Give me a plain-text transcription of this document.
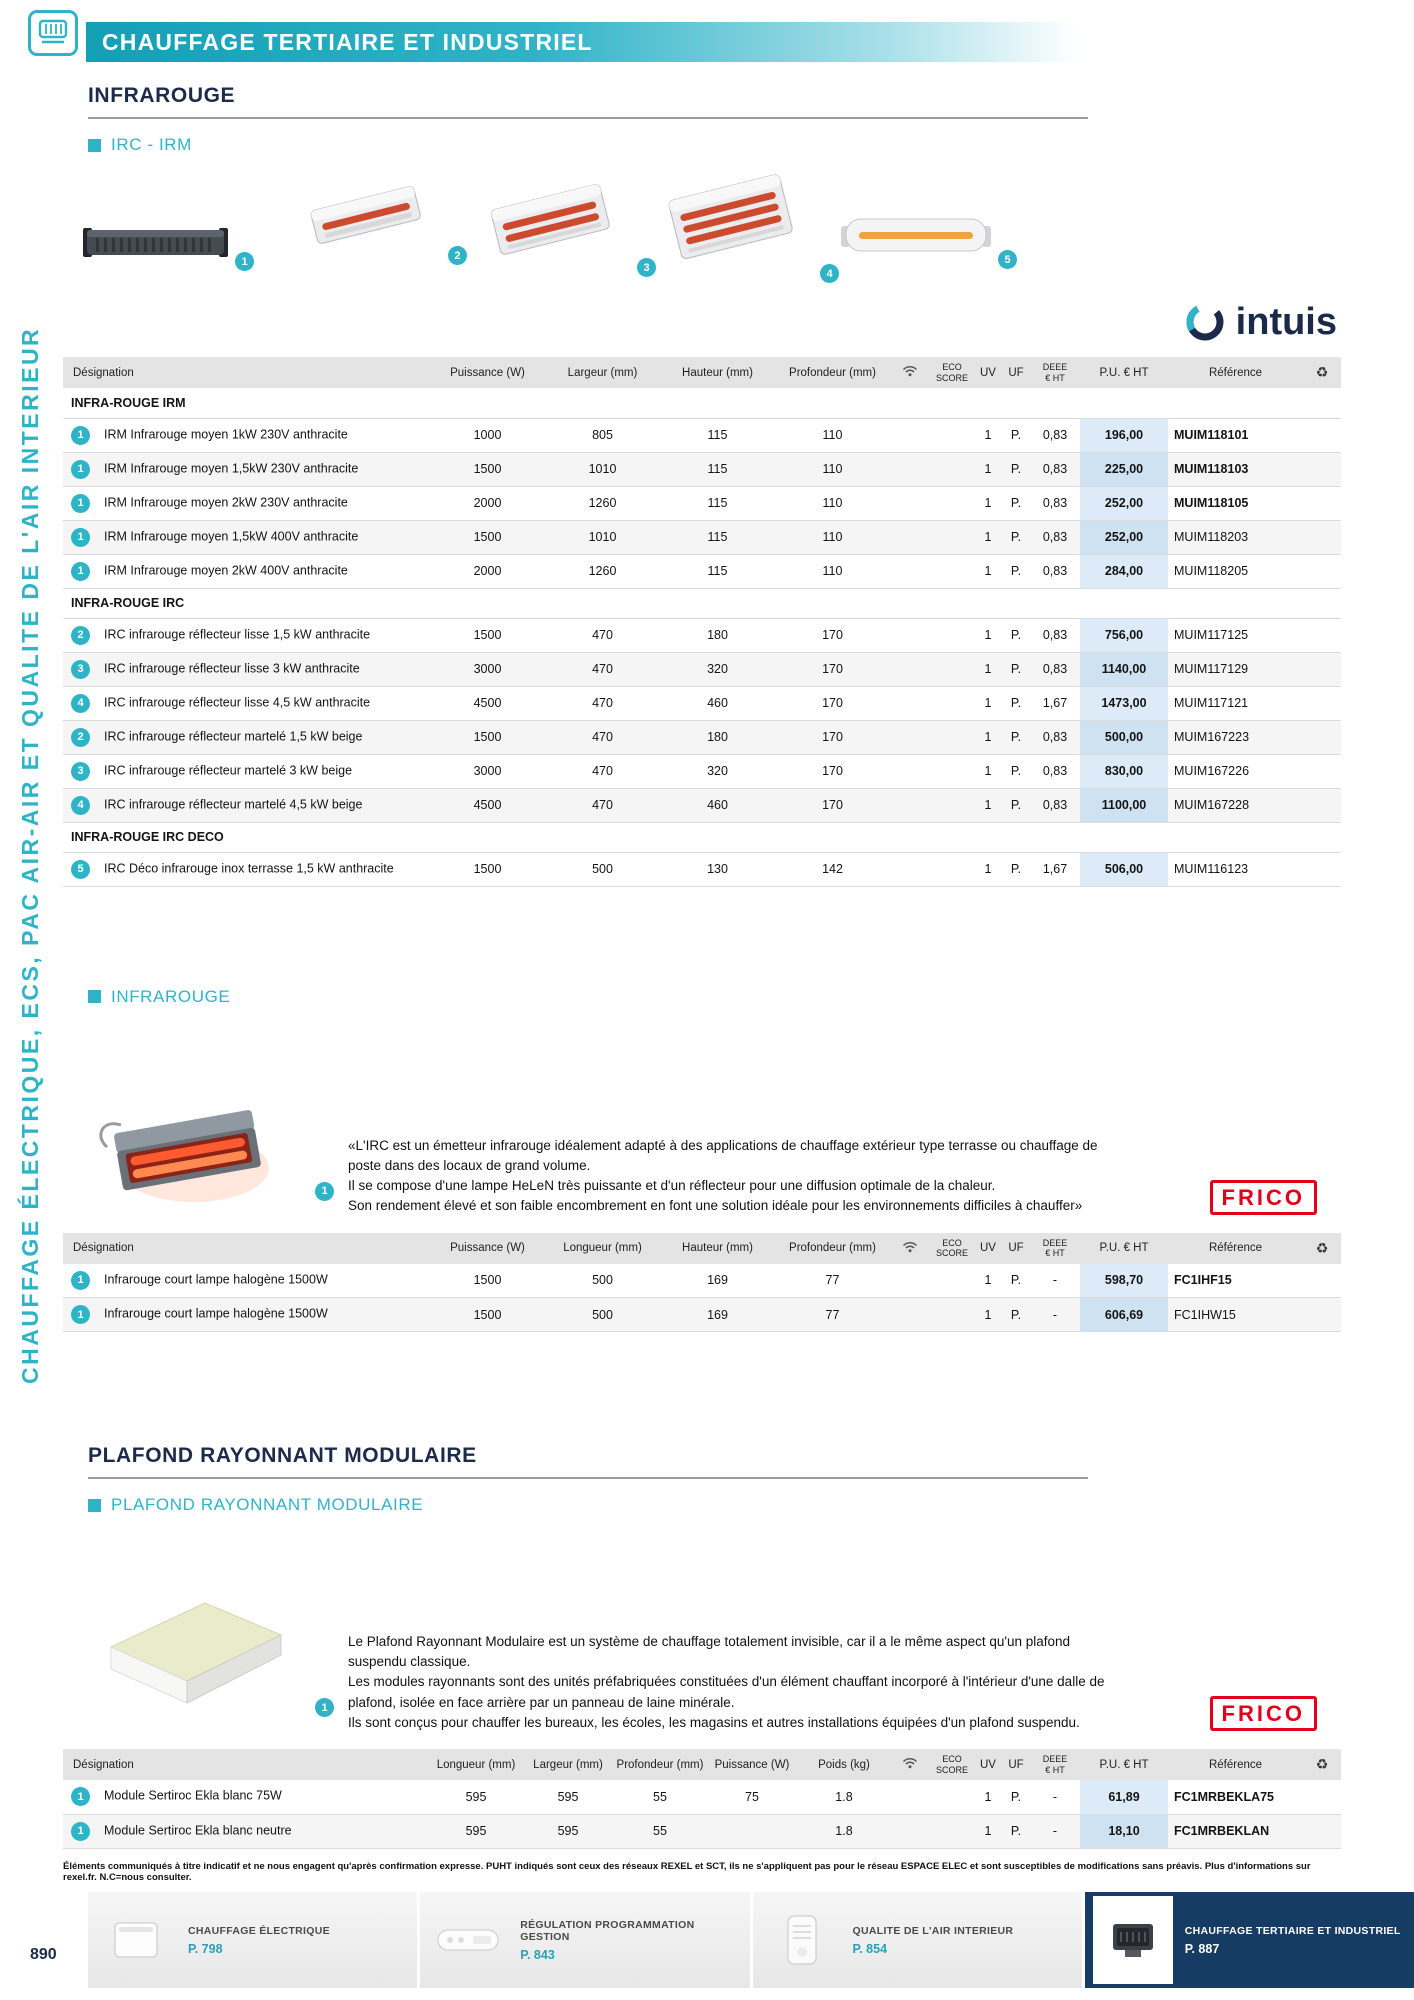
CHAUFFAGE TERTIAIRE ET INDUSTRIEL
CHAUFFAGE ÉLECTRIQUE, ECS, PAC AIR-AIR ET QUALITE DE L'AIR INTERIEUR
INFRAROUGE
IRC - IRM
1	2
3	4
5
intuis
Désignation	Puissance (W)	Largeur (mm)	Hauteur (mm)	Profondeur (mm)		ECO
SCORE	UV	UF	DEEE
€ HT	P.U. € HT	Référence	♻
INFRA-ROUGE IRM												
1 IRM Infrarouge moyen 1kW 230V anthracite	1000	805	115	110			1	P.	0,83	196,00	MUIM118101	
1 IRM Infrarouge moyen 1,5kW 230V anthracite	1500	1010	115	110			1	P.	0,83	225,00	MUIM118103	
1 IRM Infrarouge moyen 2kW 230V anthracite	2000	1260	115	110			1	P.	0,83	252,00	MUIM118105	
1 IRM Infrarouge moyen 1,5kW 400V anthracite	1500	1010	115	110			1	P.	0,83	252,00	MUIM118203	
1 IRM Infrarouge moyen 2kW 400V anthracite	2000	1260	115	110			1	P.	0,83	284,00	MUIM118205	
INFRA-ROUGE IRC												
2 IRC infrarouge réflecteur lisse 1,5 kW anthracite	1500	470	180	170			1	P.	0,83	756,00	MUIM117125	
3 IRC infrarouge réflecteur lisse 3 kW anthracite	3000	470	320	170			1	P.	0,83	1140,00	MUIM117129	
4 IRC infrarouge réflecteur lisse 4,5 kW anthracite	4500	470	460	170			1	P.	1,67	1473,00	MUIM117121	
2 IRC infrarouge réflecteur martelé 1,5 kW beige	1500	470	180	170			1	P.	0,83	500,00	MUIM167223	
3 IRC infrarouge réflecteur martelé 3 kW beige	3000	470	320	170			1	P.	0,83	830,00	MUIM167226	
4 IRC infrarouge réflecteur martelé 4,5 kW beige	4500	470	460	170			1	P.	0,83	1100,00	MUIM167228	
INFRA-ROUGE IRC DECO												
5 IRC Déco infrarouge inox terrasse 1,5 kW anthracite	1500	500	130	142			1	P.	1,67	506,00	MUIM116123	
INFRAROUGE
1
«L'IRC est un émetteur infrarouge idéalement adapté à des applications de chauffage extérieur type terrasse ou chauffage de poste dans des locaux de grand volume.
Il se compose d'une lampe HeLeN très puissante et d'un réflecteur pour une diffusion optimale de la chaleur.
Son rendement élevé et son faible encombrement en font une solution idéale pour les environnements difficiles à chauffer»	FRICO
Désignation	Puissance (W)	Longueur (mm)	Hauteur (mm)	Profondeur (mm)		ECO
SCORE	UV	UF	DEEE
€ HT	P.U. € HT	Référence	♻
1 Infrarouge court lampe halogène 1500W	1500	500	169	77			1	P.	-	598,70	FC1IHF15	
1 Infrarouge court lampe halogène 1500W	1500	500	169	77			1	P.	-	606,69	FC1IHW15	
PLAFOND RAYONNANT MODULAIRE
PLAFOND RAYONNANT MODULAIRE
1
Le Plafond Rayonnant Modulaire est un système de chauffage totalement invisible, car il a le même aspect qu'un plafond suspendu classique.
Les modules rayonnants sont des unités préfabriquées constituées d'un élément chauffant incorporé à l'intérieur d'une dalle de plafond, isolée en face arrière par un panneau de laine minérale.
Ils sont conçus pour chauffer les bureaux, les écoles, les magasins et autres installations équipées d'un plafond suspendu.	FRICO
Désignation	Longueur (mm)	Largeur (mm)	Profondeur (mm)	Puissance (W)	Poids (kg)		ECO
SCORE	UV	UF	DEEE
€ HT	P.U. € HT	Référence	♻
1 Module Sertiroc Ekla blanc 75W	595	595	55	75	1.8			1	P.	-	61,89	FC1MRBEKLA75	
1 Module Sertiroc Ekla blanc neutre	595	595	55		1.8			1	P.	-	18,10	FC1MRBEKLAN	
Éléments communiqués à titre indicatif et ne nous engagent qu'après confirmation expresse. PUHT indiqués sont ceux des réseaux REXEL et SCT, ils ne s'appliquent pas pour le réseau ESPACE ELEC et sont susceptibles de modifications sans préavis. Plus d'informations sur rexel.fr. N.C=nous consulter.
CHAUFFAGE ÉLECTRIQUE
P. 798
RÉGULATION PROGRAMMATION GESTION
P. 843
QUALITE DE L'AIR INTERIEUR
P. 854
CHAUFFAGE TERTIAIRE ET INDUSTRIEL
P. 887
890
